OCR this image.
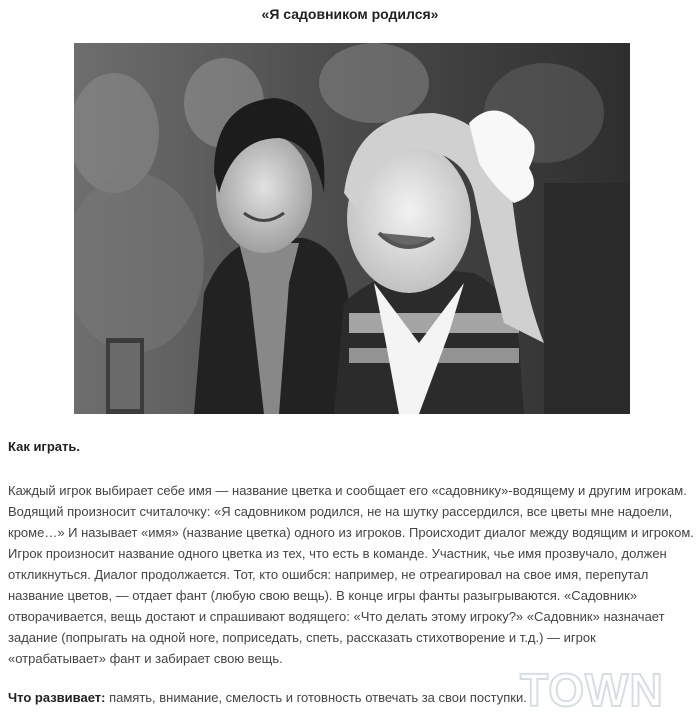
«Я садовником родился»
Как играть.
Каждый игрок выбирает себе имя — название цветка и сообщает его «садовнику»-водящему и другим игрокам. Водящий произносит считалочку: «Я садовником родился, не на шутку рассердился, все цветы мне надоели, кроме…» И называет «имя» (название цветка) одного из игроков. Происходит диалог между водящим и игроком. Игрок произносит название одного цветка из тех, что есть в команде. Участник, чье имя прозвучало, должен откликнуться. Диалог продолжается. Тот, кто ошибся: например, не отреагировал на свое имя, перепутал название цветов, — отдает фант (любую свою вещь). В конце игры фанты разыгрываются. «Садовник» отворачивается, вещь достают и спрашивают водящего: «Что делать этому игроку?» «Садовник» назначает задание (попрыгать на одной ноге, поприседать, спеть, рассказать стихотворение и т.д.) — игрок «отрабатывает» фант и забирает свою вещь.
Что развивает: память, внимание, смелость и готовность отвечать за свои поступки.
TOWN
